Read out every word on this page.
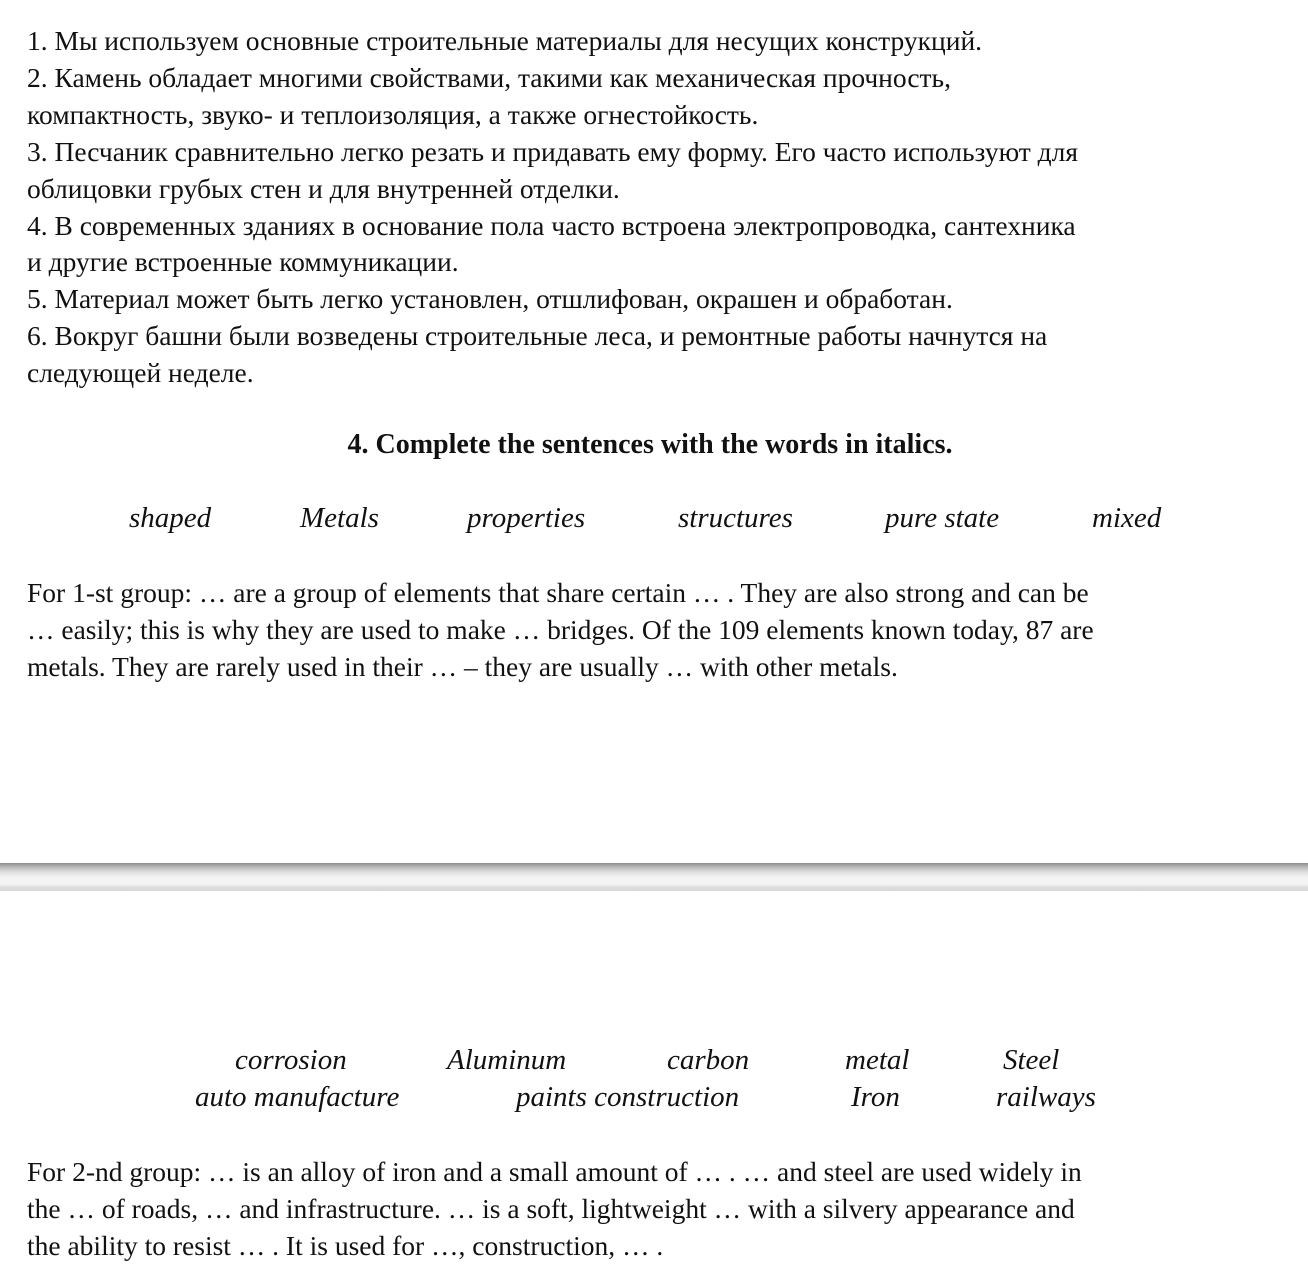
1. Мы используем основные строительные материалы для несущих конструкций.
2. Камень обладает многими свойствами, такими как механическая прочность,
компактность, звуко- и теплоизоляция, а также огнестойкость.
3. Песчаник сравнительно легко резать и придавать ему форму. Его часто используют для
облицовки грубых стен и для внутренней отделки.
4. В современных зданиях в основание пола часто встроена электропроводка, сантехника
и другие встроенные коммуникации.
5. Материал может быть легко установлен, отшлифован, окрашен и обработан.
6. Вокруг башни были возведены строительные леса, и ремонтные работы начнутся на
следующей неделе.
4. Complete the sentences with the words in italics.
shaped	Metals	properties	structures	pure state	mixed
For 1-st group: … are a group of elements that share certain … . They are also strong and can be
… easily; this is why they are used to make … bridges. Of the 109 elements known today, 87 are
metals. They are rarely used in their … – they are usually … with other metals.
corrosion	Aluminum	carbon	metal	Steel
auto manufacture	paints construction	Iron	railways
For 2-nd group: … is an alloy of iron and a small amount of … . … and steel are used widely in
the … of roads, … and infrastructure. … is a soft, lightweight … with a silvery appearance and
the ability to resist … . It is used for …, construction, … .
